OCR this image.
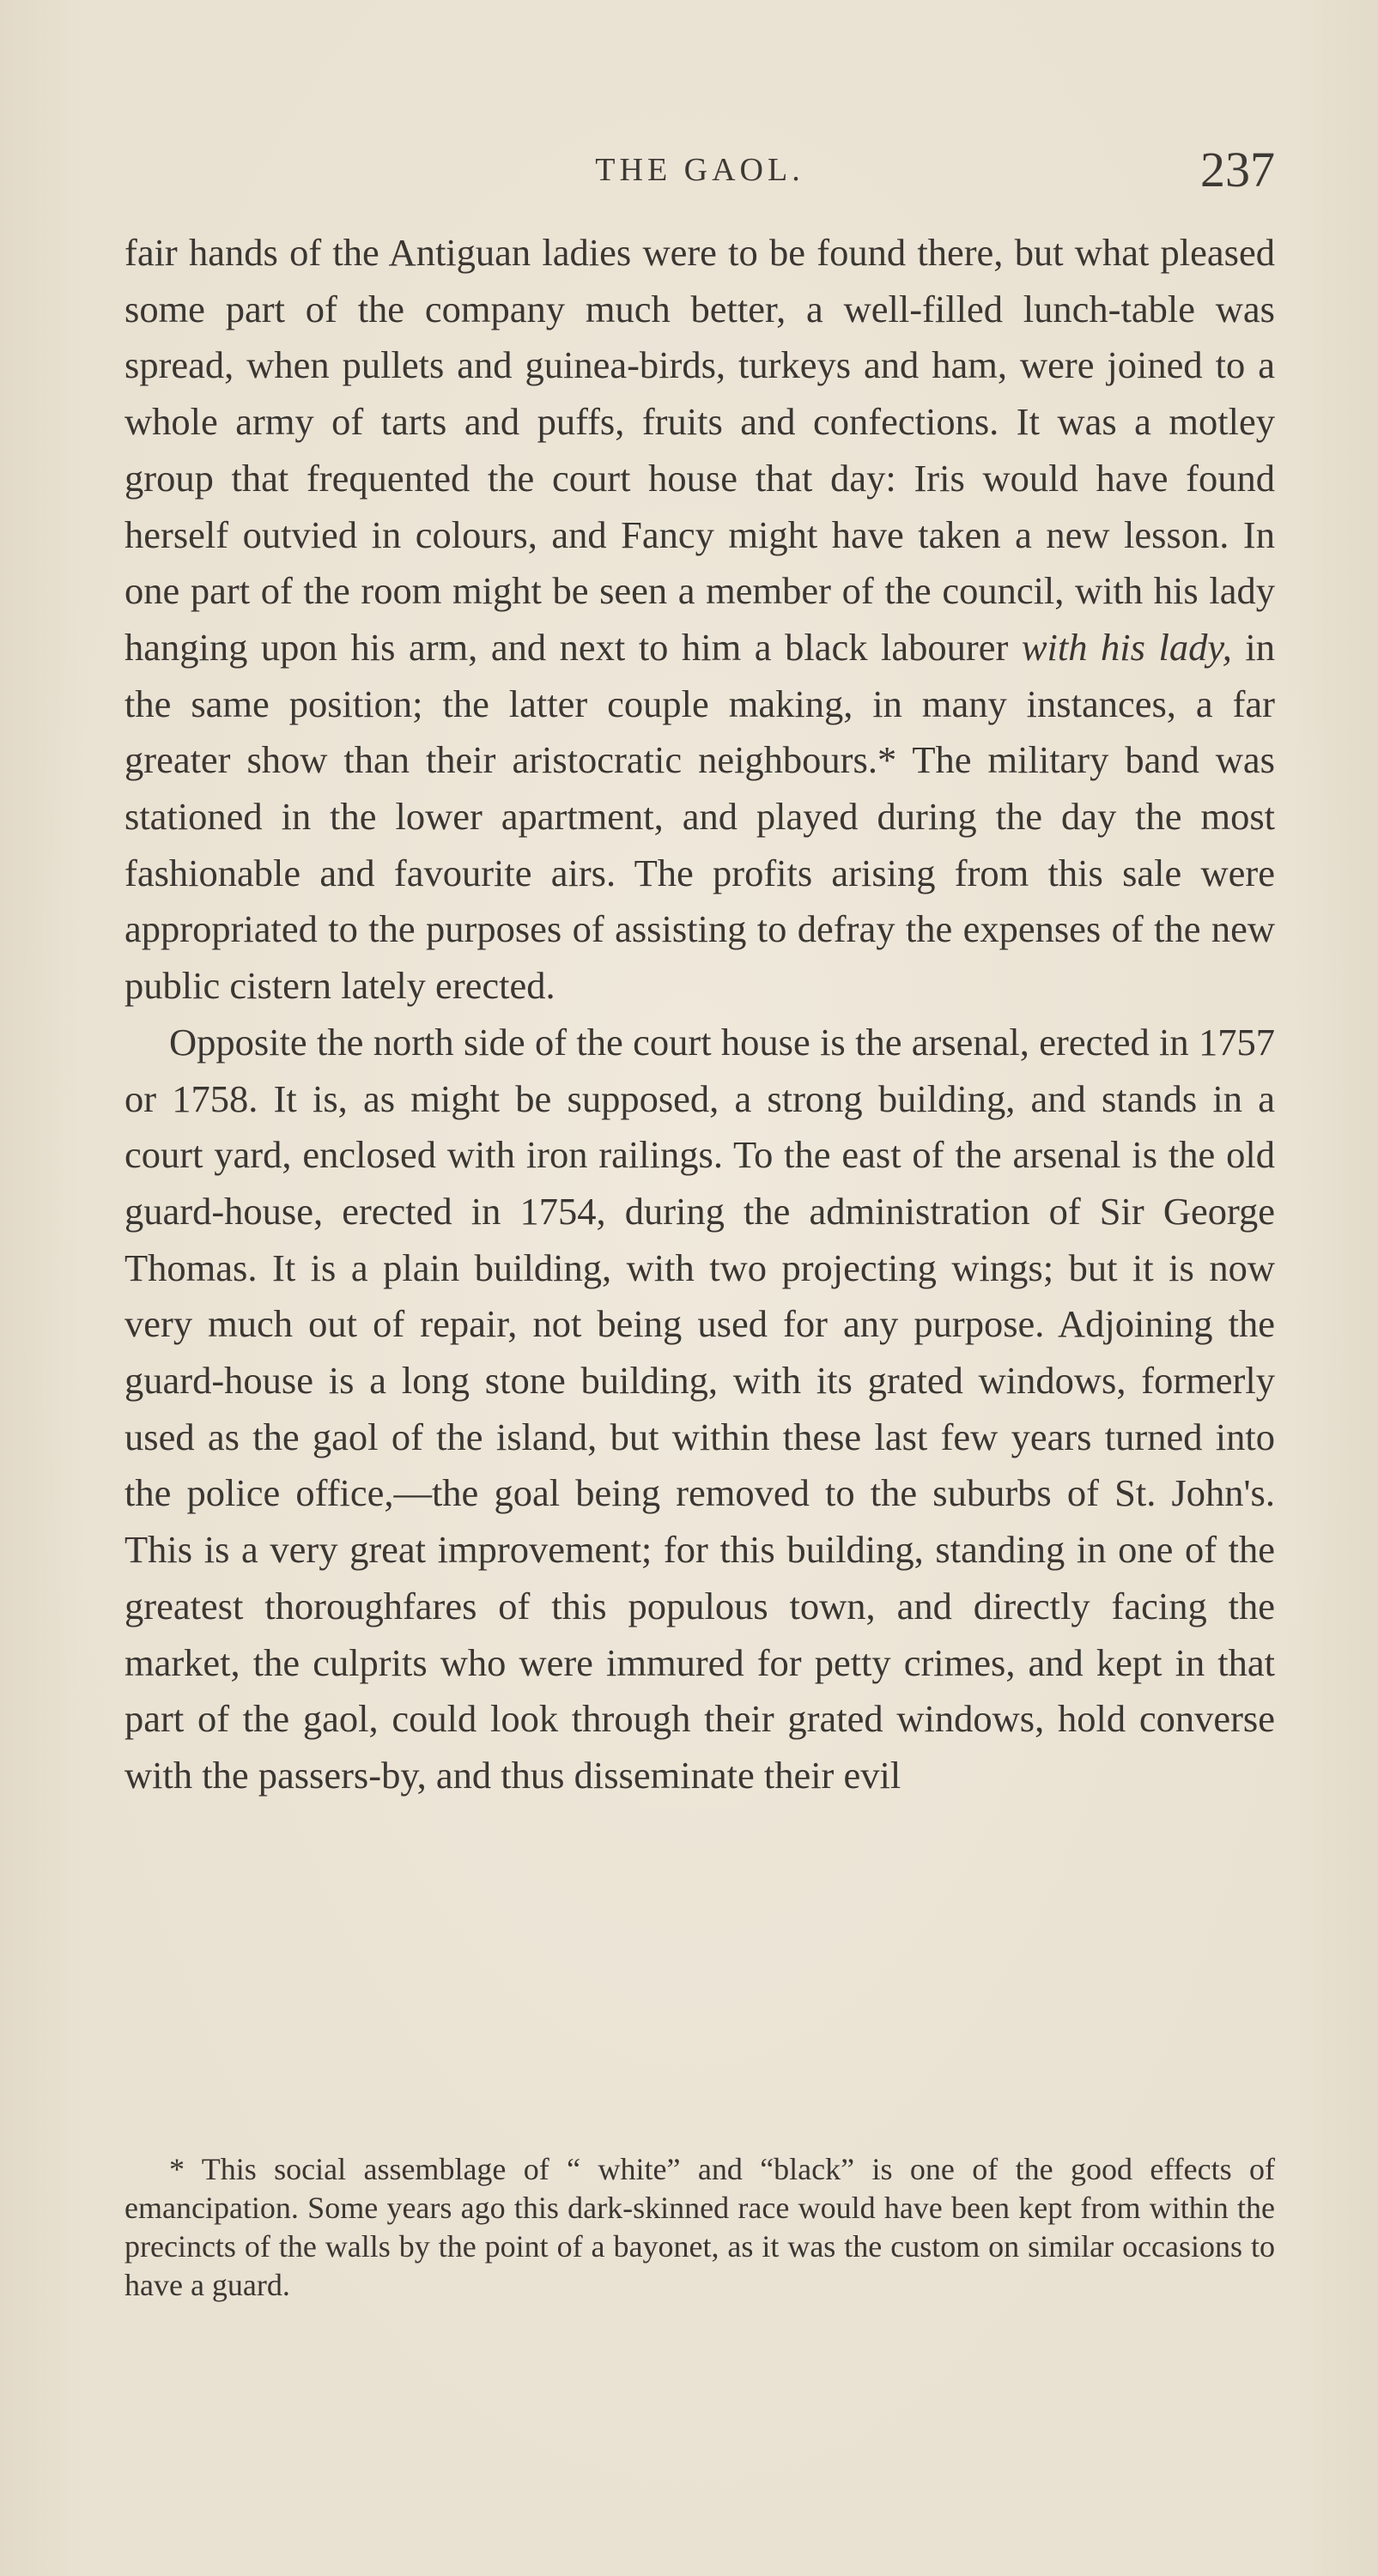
THE GAOL.	237

fair hands of the Antiguan ladies were to be found there, but what pleased some part of the company much better, a well-filled lunch-table was spread, when pullets and guinea-birds, turkeys and ham, were joined to a whole army of tarts and puffs, fruits and confections. It was a motley group that frequented the court house that day: Iris would have found herself outvied in colours, and Fancy might have taken a new lesson. In one part of the room might be seen a member of the council, with his lady hanging upon his arm, and next to him a black labourer with his lady, in the same position; the latter couple making, in many instances, a far greater show than their aristocratic neighbours.* The military band was stationed in the lower apartment, and played during the day the most fashionable and favourite airs. The profits arising from this sale were appropriated to the purposes of assisting to defray the expenses of the new public cistern lately erected.

Opposite the north side of the court house is the arsenal, erected in 1757 or 1758. It is, as might be supposed, a strong building, and stands in a court yard, enclosed with iron railings. To the east of the arsenal is the old guard-house, erected in 1754, during the administration of Sir George Thomas. It is a plain building, with two projecting wings; but it is now very much out of repair, not being used for any purpose. Adjoining the guard-house is a long stone building, with its grated windows, formerly used as the gaol of the island, but within these last few years turned into the police office,—the goal being removed to the suburbs of St. John's. This is a very great improvement; for this building, standing in one of the greatest thoroughfares of this populous town, and directly facing the market, the culprits who were immured for petty crimes, and kept in that part of the gaol, could look through their grated windows, hold converse with the passers-by, and thus disseminate their evil

* This social assemblage of “ white” and “black” is one of the good effects of emancipation. Some years ago this dark-skinned race would have been kept from within the precincts of the walls by the point of a bayonet, as it was the custom on similar occasions to have a guard.
